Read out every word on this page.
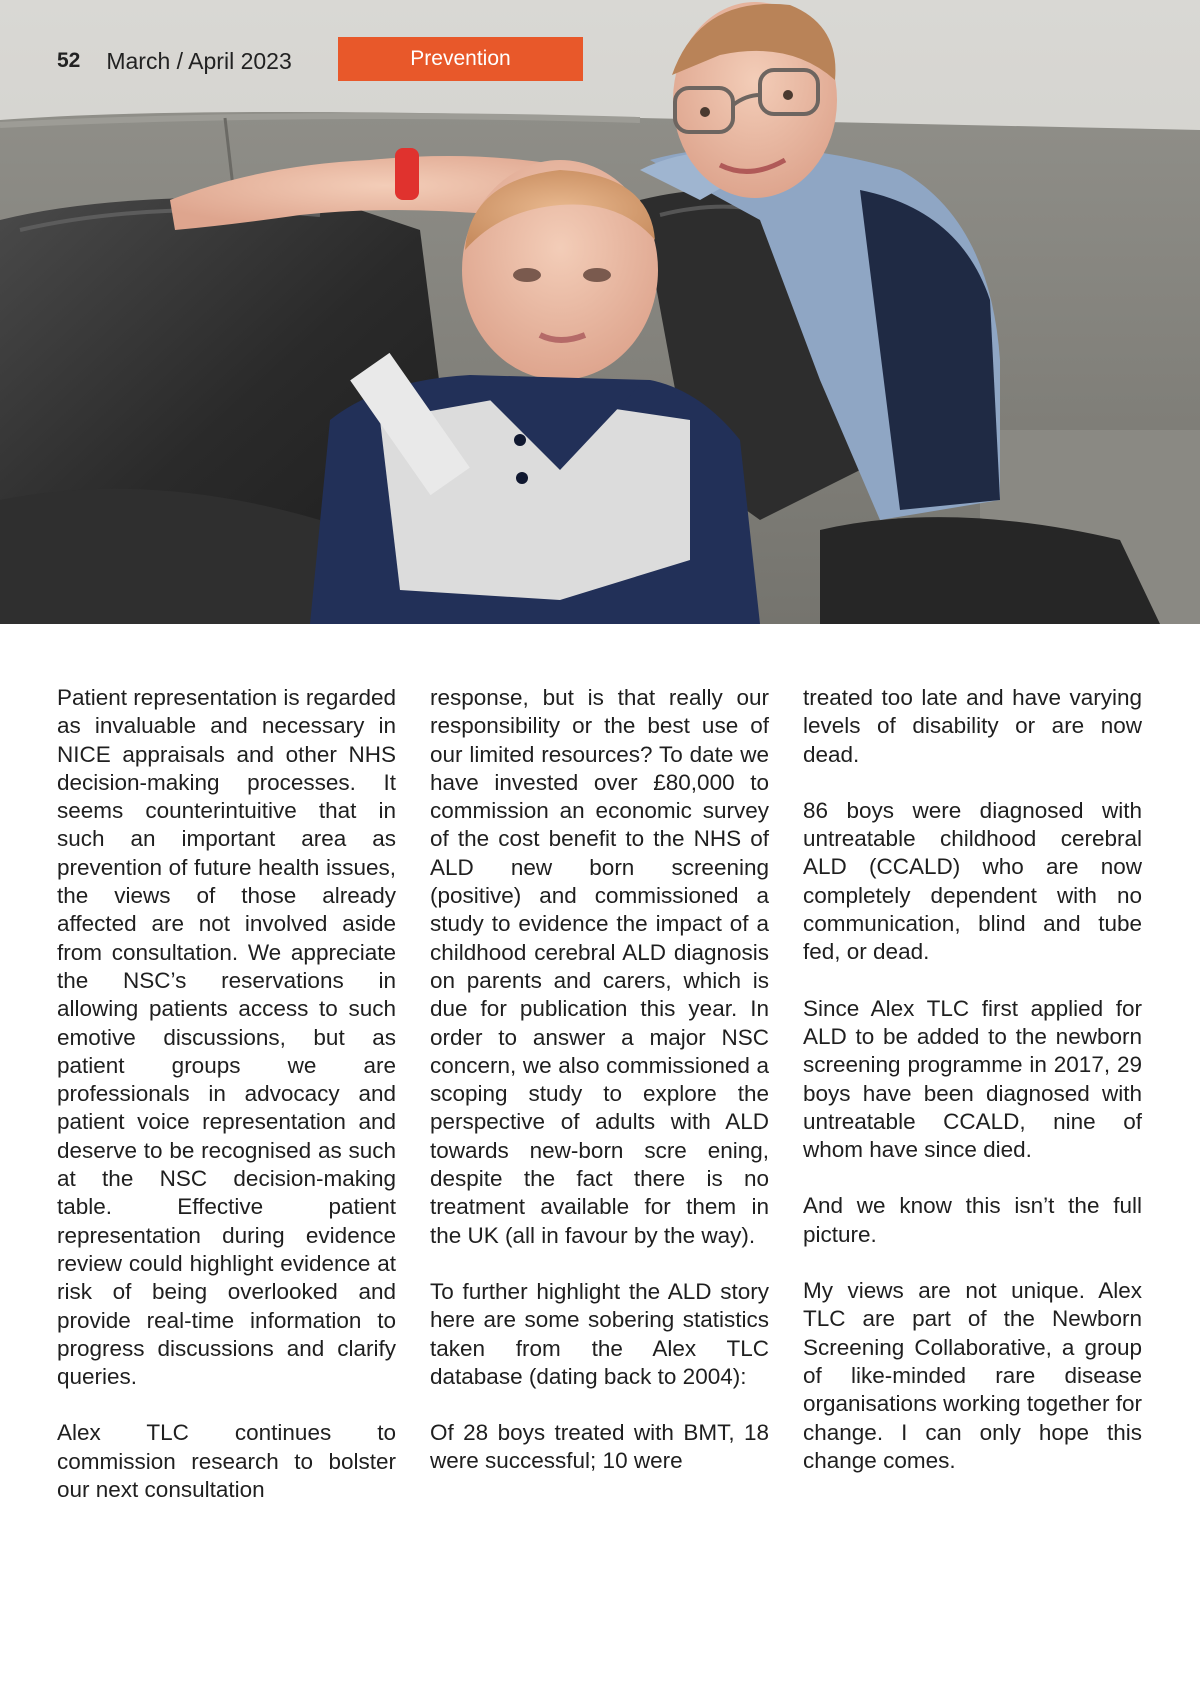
52 March / April 2023	Prevention

Patient representation is regarded as invaluable and necessary in NICE appraisals and other NHS decision-making processes. It seems counterintuitive that in such an important area as prevention of future health issues, the views of those already affected are not involved aside from consultation. We appreciate the NSC’s reservations in allowing patients access to such emotive discussions, but as patient groups we are professionals in advocacy and patient voice representation and deserve to be recognised as such at the NSC decision-making table. Effective patient representation during evidence review could highlight evidence at risk of being overlooked and provide real-time information to progress discussions and clarify queries.

Alex TLC continues to commission research to bolster our next consultation

response, but is that really our responsibility or the best use of our limited resources? To date we have invested over £80,000 to commission an economic survey of the cost benefit to the NHS of ALD new born screening (positive) and commissioned a study to evidence the impact of a childhood cerebral ALD diagnosis on parents and carers, which is due for publication this year. In order to answer a major NSC concern, we also commissioned a scoping study to explore the perspective of adults with ALD towards new-born scre ening, despite the fact there is no treatment available for them in the UK (all in favour by the way).

To further highlight the ALD story here are some sobering statistics taken from the Alex TLC database (dating back to 2004):

Of 28 boys treated with BMT, 18 were successful; 10 were

treated too late and have varying levels of disability or are now dead.

86 boys were diagnosed with untreatable childhood cerebral ALD (CCALD) who are now completely dependent with no communication, blind and tube fed, or dead.

Since Alex TLC first applied for ALD to be added to the newborn screening programme in 2017, 29 boys have been diagnosed with untreatable CCALD, nine of whom have since died.

And we know this isn’t the full picture.

My views are not unique. Alex TLC are part of the Newborn Screening Collaborative, a group of like-minded rare disease organisations working together for change. I can only hope this change comes.
